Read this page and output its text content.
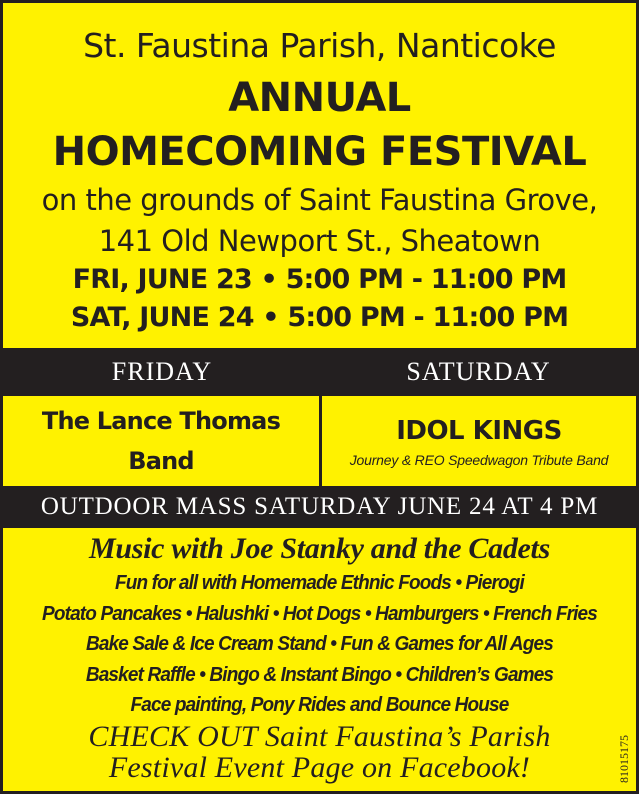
St. Faustina Parish, Nanticoke
ANNUAL
HOMECOMING FESTIVAL
on the grounds of Saint Faustina Grove,
141 Old Newport St., Sheatown
FRI, JUNE 23 • 5:00 PM - 11:00 PM
SAT, JUNE 24 • 5:00 PM - 11:00 PM
FRIDAY	SATURDAY
The Lance Thomas
Band
IDOL KINGS
Journey & REO Speedwagon Tribute Band
OUTDOOR MASS SATURDAY JUNE 24 AT 4 PM
Music with Joe Stanky and the Cadets
Fun for all with Homemade Ethnic Foods • Pierogi
Potato Pancakes • Halushki • Hot Dogs • Hamburgers • French Fries
Bake Sale & Ice Cream Stand • Fun & Games for All Ages
Basket Raffle • Bingo & Instant Bingo • Children’s Games
Face painting, Pony Rides and Bounce House
CHECK OUT Saint Faustina’s Parish
Festival Event Page on Facebook!	81015175
